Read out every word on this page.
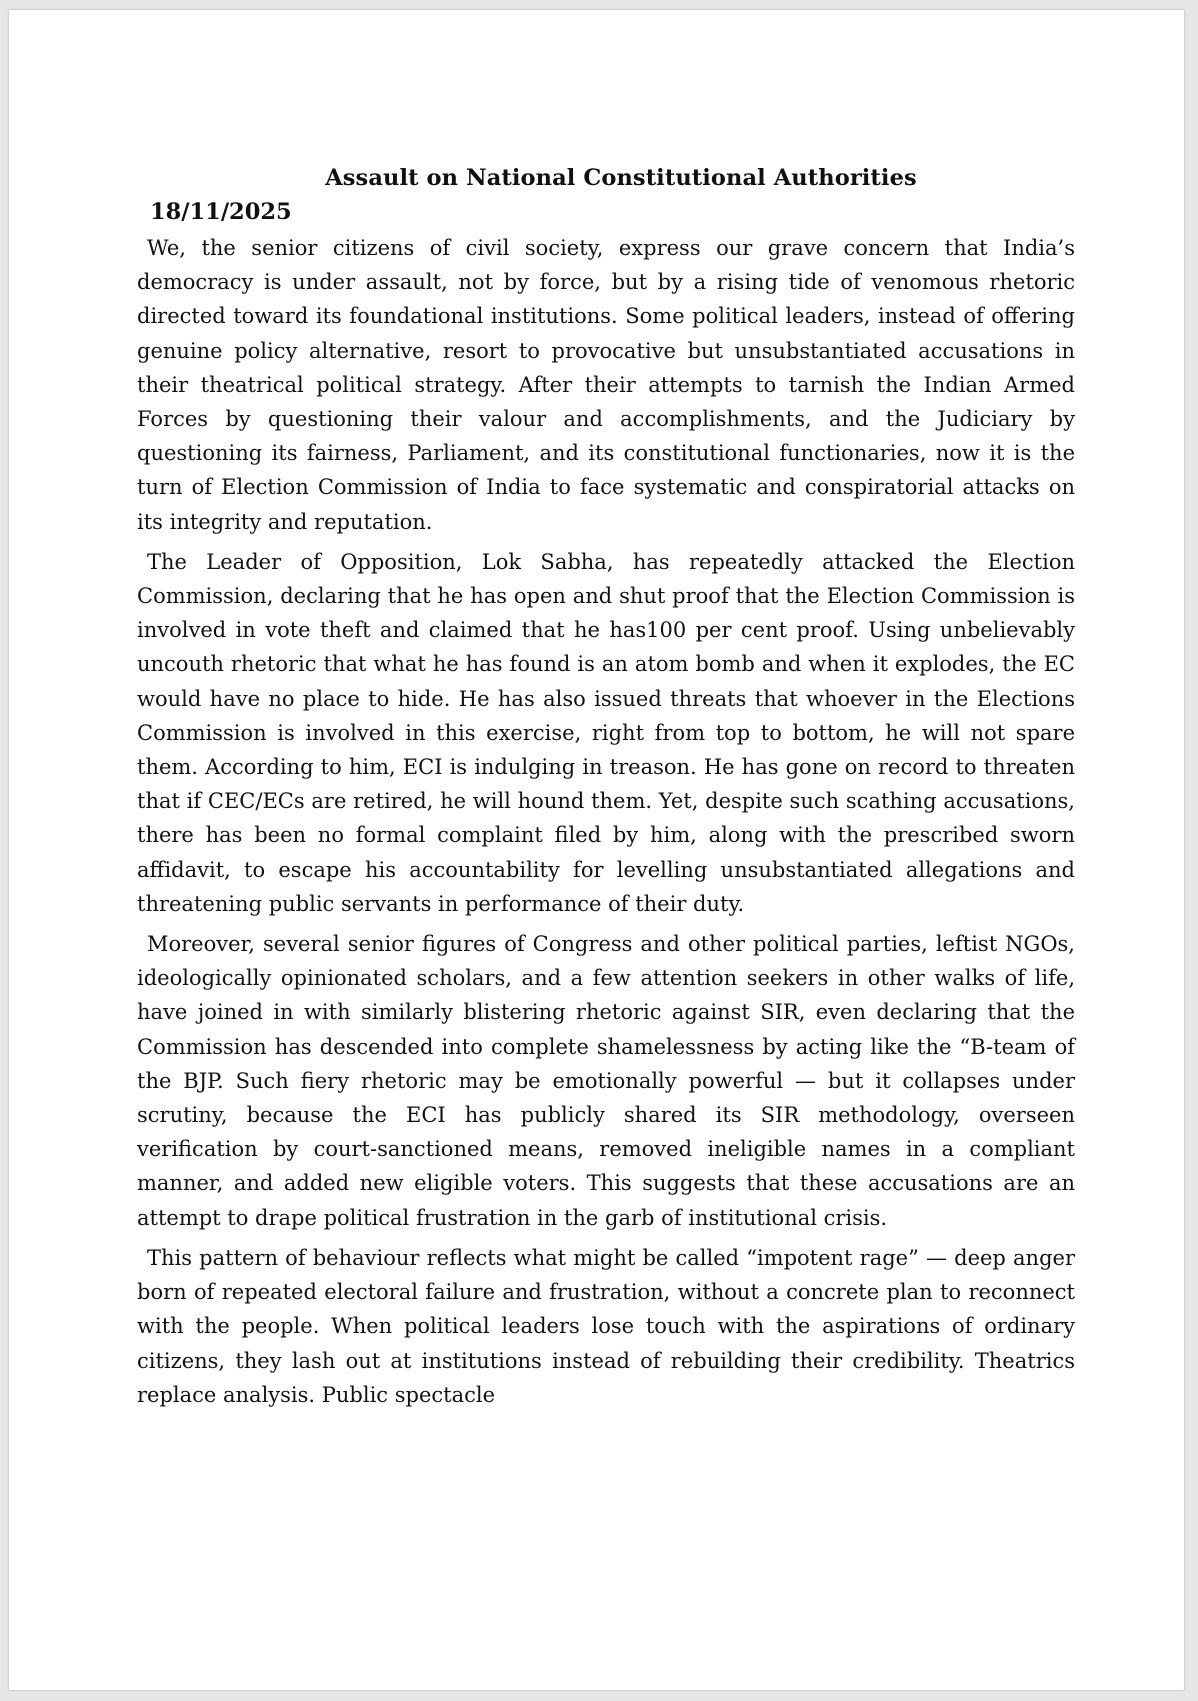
Assault on National Constitutional Authorities
18/11/2025

We, the senior citizens of civil society, express our grave concern that India’s democracy is under assault, not by force, but by a rising tide of venomous rhetoric directed toward its foundational institutions. Some political leaders, instead of offering genuine policy alternative, resort to provocative but unsubstantiated accusations in their theatrical political strategy. After their attempts to tarnish the Indian Armed Forces by questioning their valour and accomplishments, and the Judiciary by questioning its fairness, Parliament, and its constitutional functionaries, now it is the turn of Election Commission of India to face systematic and conspiratorial attacks on its integrity and reputation.

The Leader of Opposition, Lok Sabha, has repeatedly attacked the Election Commission, declaring that he has open and shut proof that the Election Commission is involved in vote theft and claimed that he has100 per cent proof. Using unbelievably uncouth rhetoric that what he has found is an atom bomb and when it explodes, the EC would have no place to hide. He has also issued threats that whoever in the Elections Commission is involved in this exercise, right from top to bottom, he will not spare them. According to him, ECI is indulging in treason. He has gone on record to threaten that if CEC/ECs are retired, he will hound them. Yet, despite such scathing accusations, there has been no formal complaint filed by him, along with the prescribed sworn affidavit, to escape his accountability for levelling unsubstantiated allegations and threatening public servants in performance of their duty.

Moreover, several senior figures of Congress and other political parties, leftist NGOs, ideologically opinionated scholars, and a few attention seekers in other walks of life, have joined in with similarly blistering rhetoric against SIR, even declaring that the Commission has descended into complete shamelessness by acting like the “B-team of the BJP. Such fiery rhetoric may be emotionally powerful — but it collapses under scrutiny, because the ECI has publicly shared its SIR methodology, overseen verification by court-sanctioned means, removed ineligible names in a compliant manner, and added new eligible voters. This suggests that these accusations are an attempt to drape political frustration in the garb of institutional crisis.

This pattern of behaviour reflects what might be called “impotent rage” — deep anger born of repeated electoral failure and frustration, without a concrete plan to reconnect with the people. When political leaders lose touch with the aspirations of ordinary citizens, they lash out at institutions instead of rebuilding their credibility. Theatrics replace analysis. Public spectacle
